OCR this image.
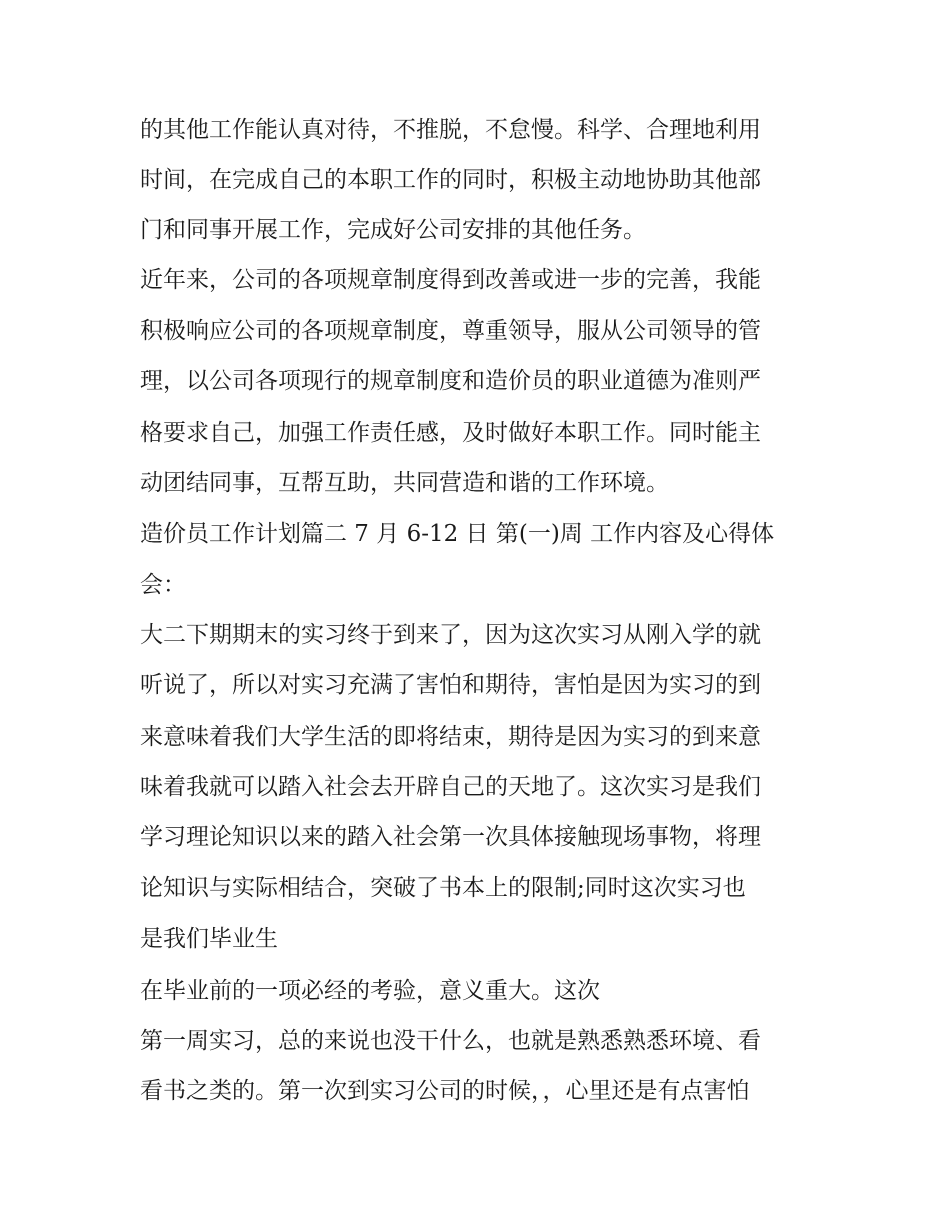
的其他工作能认真对待，不推脱，不怠慢。科学、合理地利用
时间，在完成自己的本职工作的同时，积极主动地协助其他部
门和同事开展工作，完成好公司安排的其他任务。
近年来，公司的各项规章制度得到改善或进一步的完善，我能
积极响应公司的各项规章制度，尊重领导，服从公司领导的管
理，以公司各项现行的规章制度和造价员的职业道德为准则严
格要求自己，加强工作责任感，及时做好本职工作。同时能主
动团结同事，互帮互助，共同营造和谐的工作环境。
造价员工作计划篇二 7 月 6-12 日 第(一)周 工作内容及心得体
会：
大二下期期末的实习终于到来了，因为这次实习从刚入学的就
听说了，所以对实习充满了害怕和期待，害怕是因为实习的到
来意味着我们大学生活的即将结束，期待是因为实习的到来意
味着我就可以踏入社会去开辟自己的天地了。这次实习是我们
学习理论知识以来的踏入社会第一次具体接触现场事物，将理
论知识与实际相结合，突破了书本上的限制;同时这次实习也
是我们毕业生
在毕业前的一项必经的考验，意义重大。这次
第一周实习，总的来说也没干什么，也就是熟悉熟悉环境、看
看书之类的。第一次到实习公司的时候，，心里还是有点害怕
